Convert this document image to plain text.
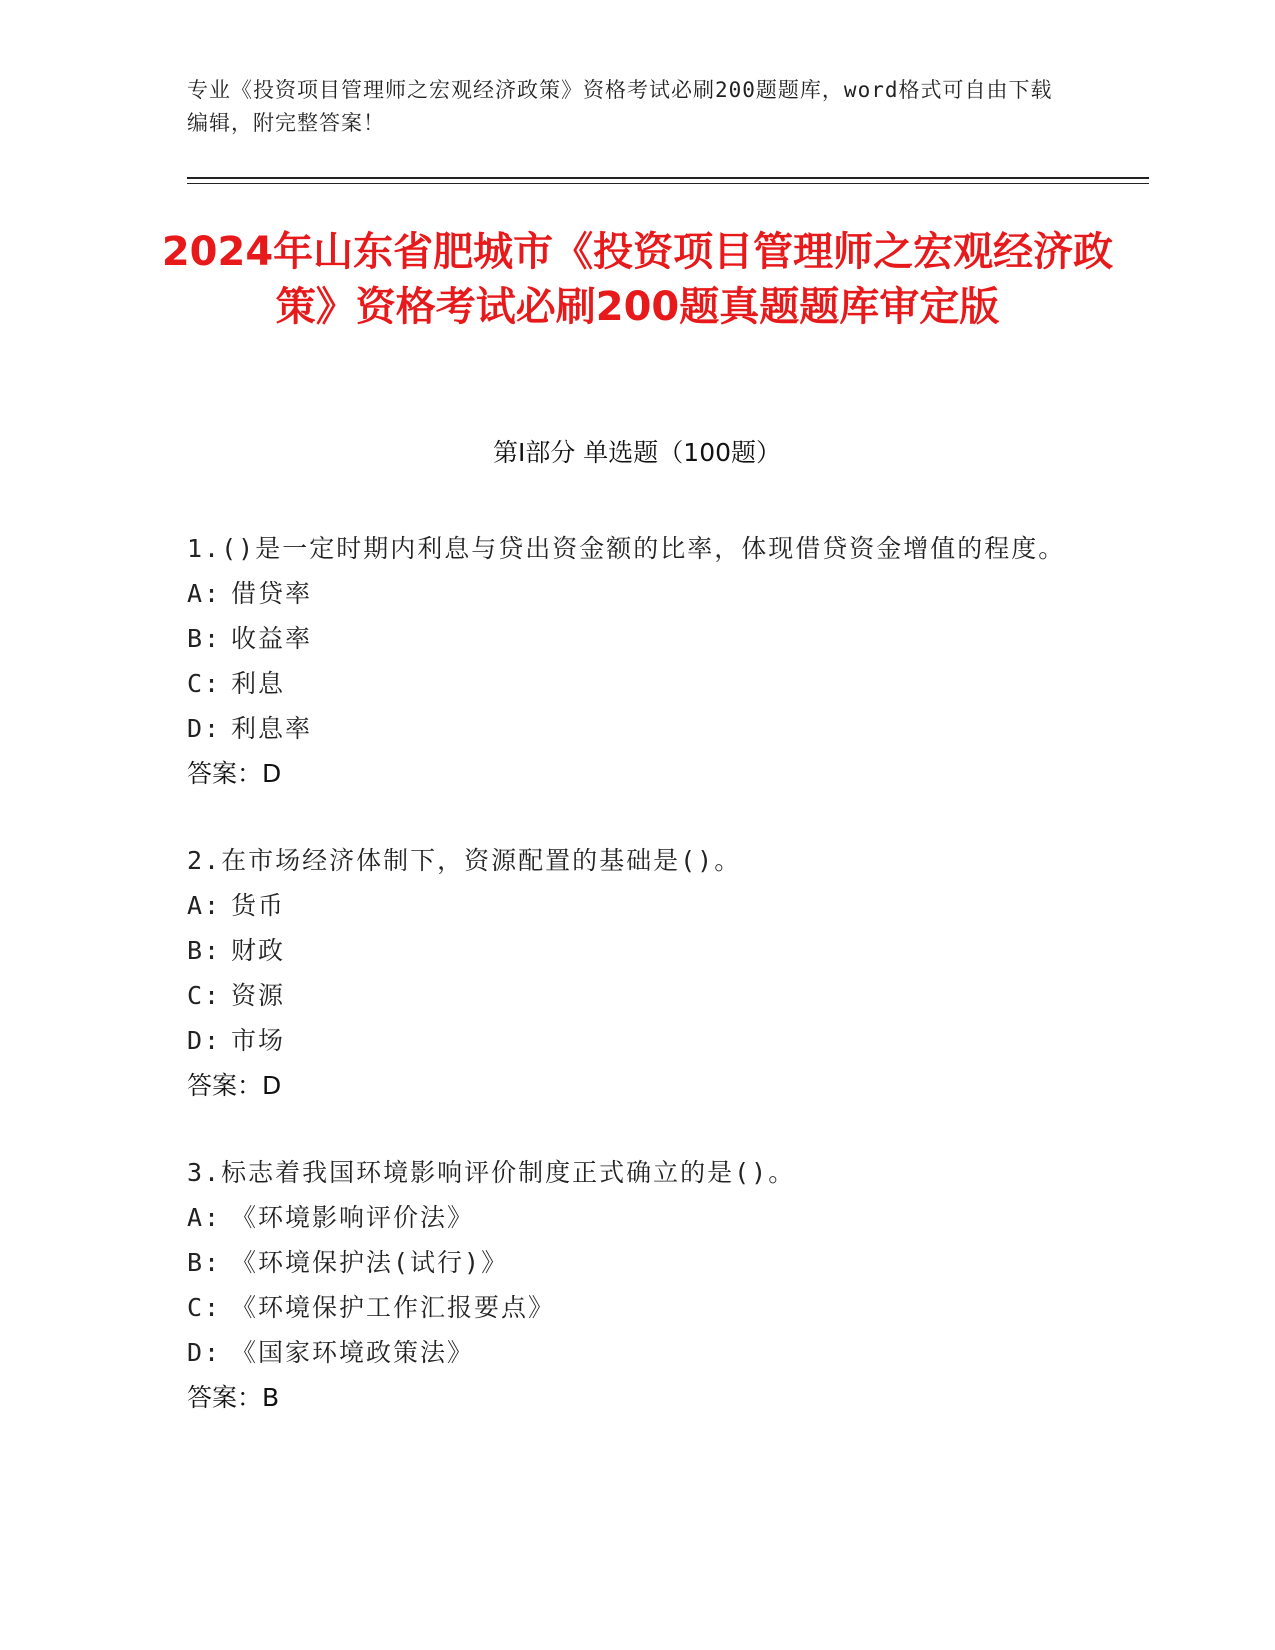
专业《投资项目管理师之宏观经济政策》资格考试必刷200题题库，word格式可自由下载编辑，附完整答案！
2024年山东省肥城市《投资项目管理师之宏观经济政策》资格考试必刷200题真题题库审定版
第Ⅰ部分 单选题（100题）
1.()是一定时期内利息与贷出资金额的比率，体现借贷资金增值的程度。
A: 借贷率
B: 收益率
C: 利息
D: 利息率
答案：D
2.在市场经济体制下，资源配置的基础是()。
A: 货币
B: 财政
C: 资源
D: 市场
答案：D
3.标志着我国环境影响评价制度正式确立的是()。
A: 《环境影响评价法》
B: 《环境保护法(试行)》
C: 《环境保护工作汇报要点》
D: 《国家环境政策法》
答案：B
